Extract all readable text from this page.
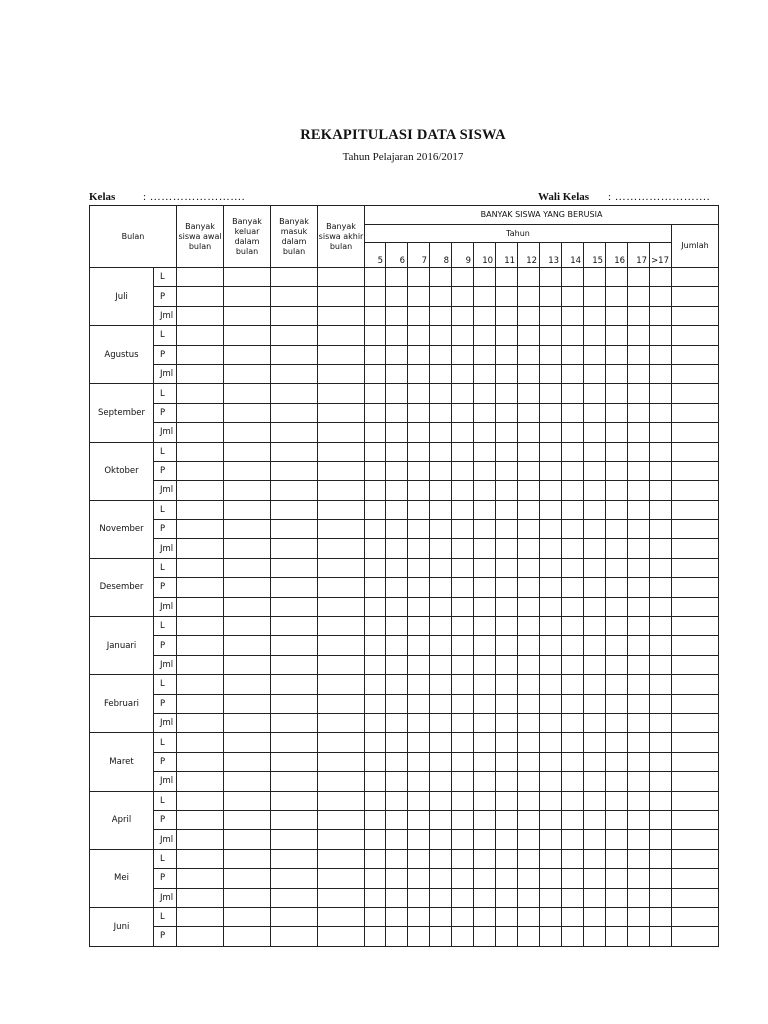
REKAPITULASI DATA SISWA
Tahun Pelajaran 2016/2017
Kelas	: …………………….	Wali Kelas : …………………….
Bulan		Banyak siswa awal bulan	Banyak keluar dalam bulan	Banyak masuk dalam bulan	Banyak siswa akhir bulan	BANYAK SISWA YANG BERUSIA														
						Tahun														Jumlah
						5	6	7	8	9	10	11	12	13	14	15	16	17	>17	
Juli	L																			
	P																			
	Jml																			
Agustus	L																			
	P																			
	Jml																			
September	L																			
	P																			
	Jml																			
Oktober	L																			
	P																			
	Jml																			
November	L																			
	P																			
	Jml																			
Desember	L																			
	P																			
	Jml																			
Januari	L																			
	P																			
	Jml																			
Februari	L																			
	P																			
	Jml																			
Maret	L																			
	P																			
	Jml																			
April	L																			
	P																			
	Jml																			
Mei	L																			
	P																			
	Jml																			
Juni	L																			
	P																			
